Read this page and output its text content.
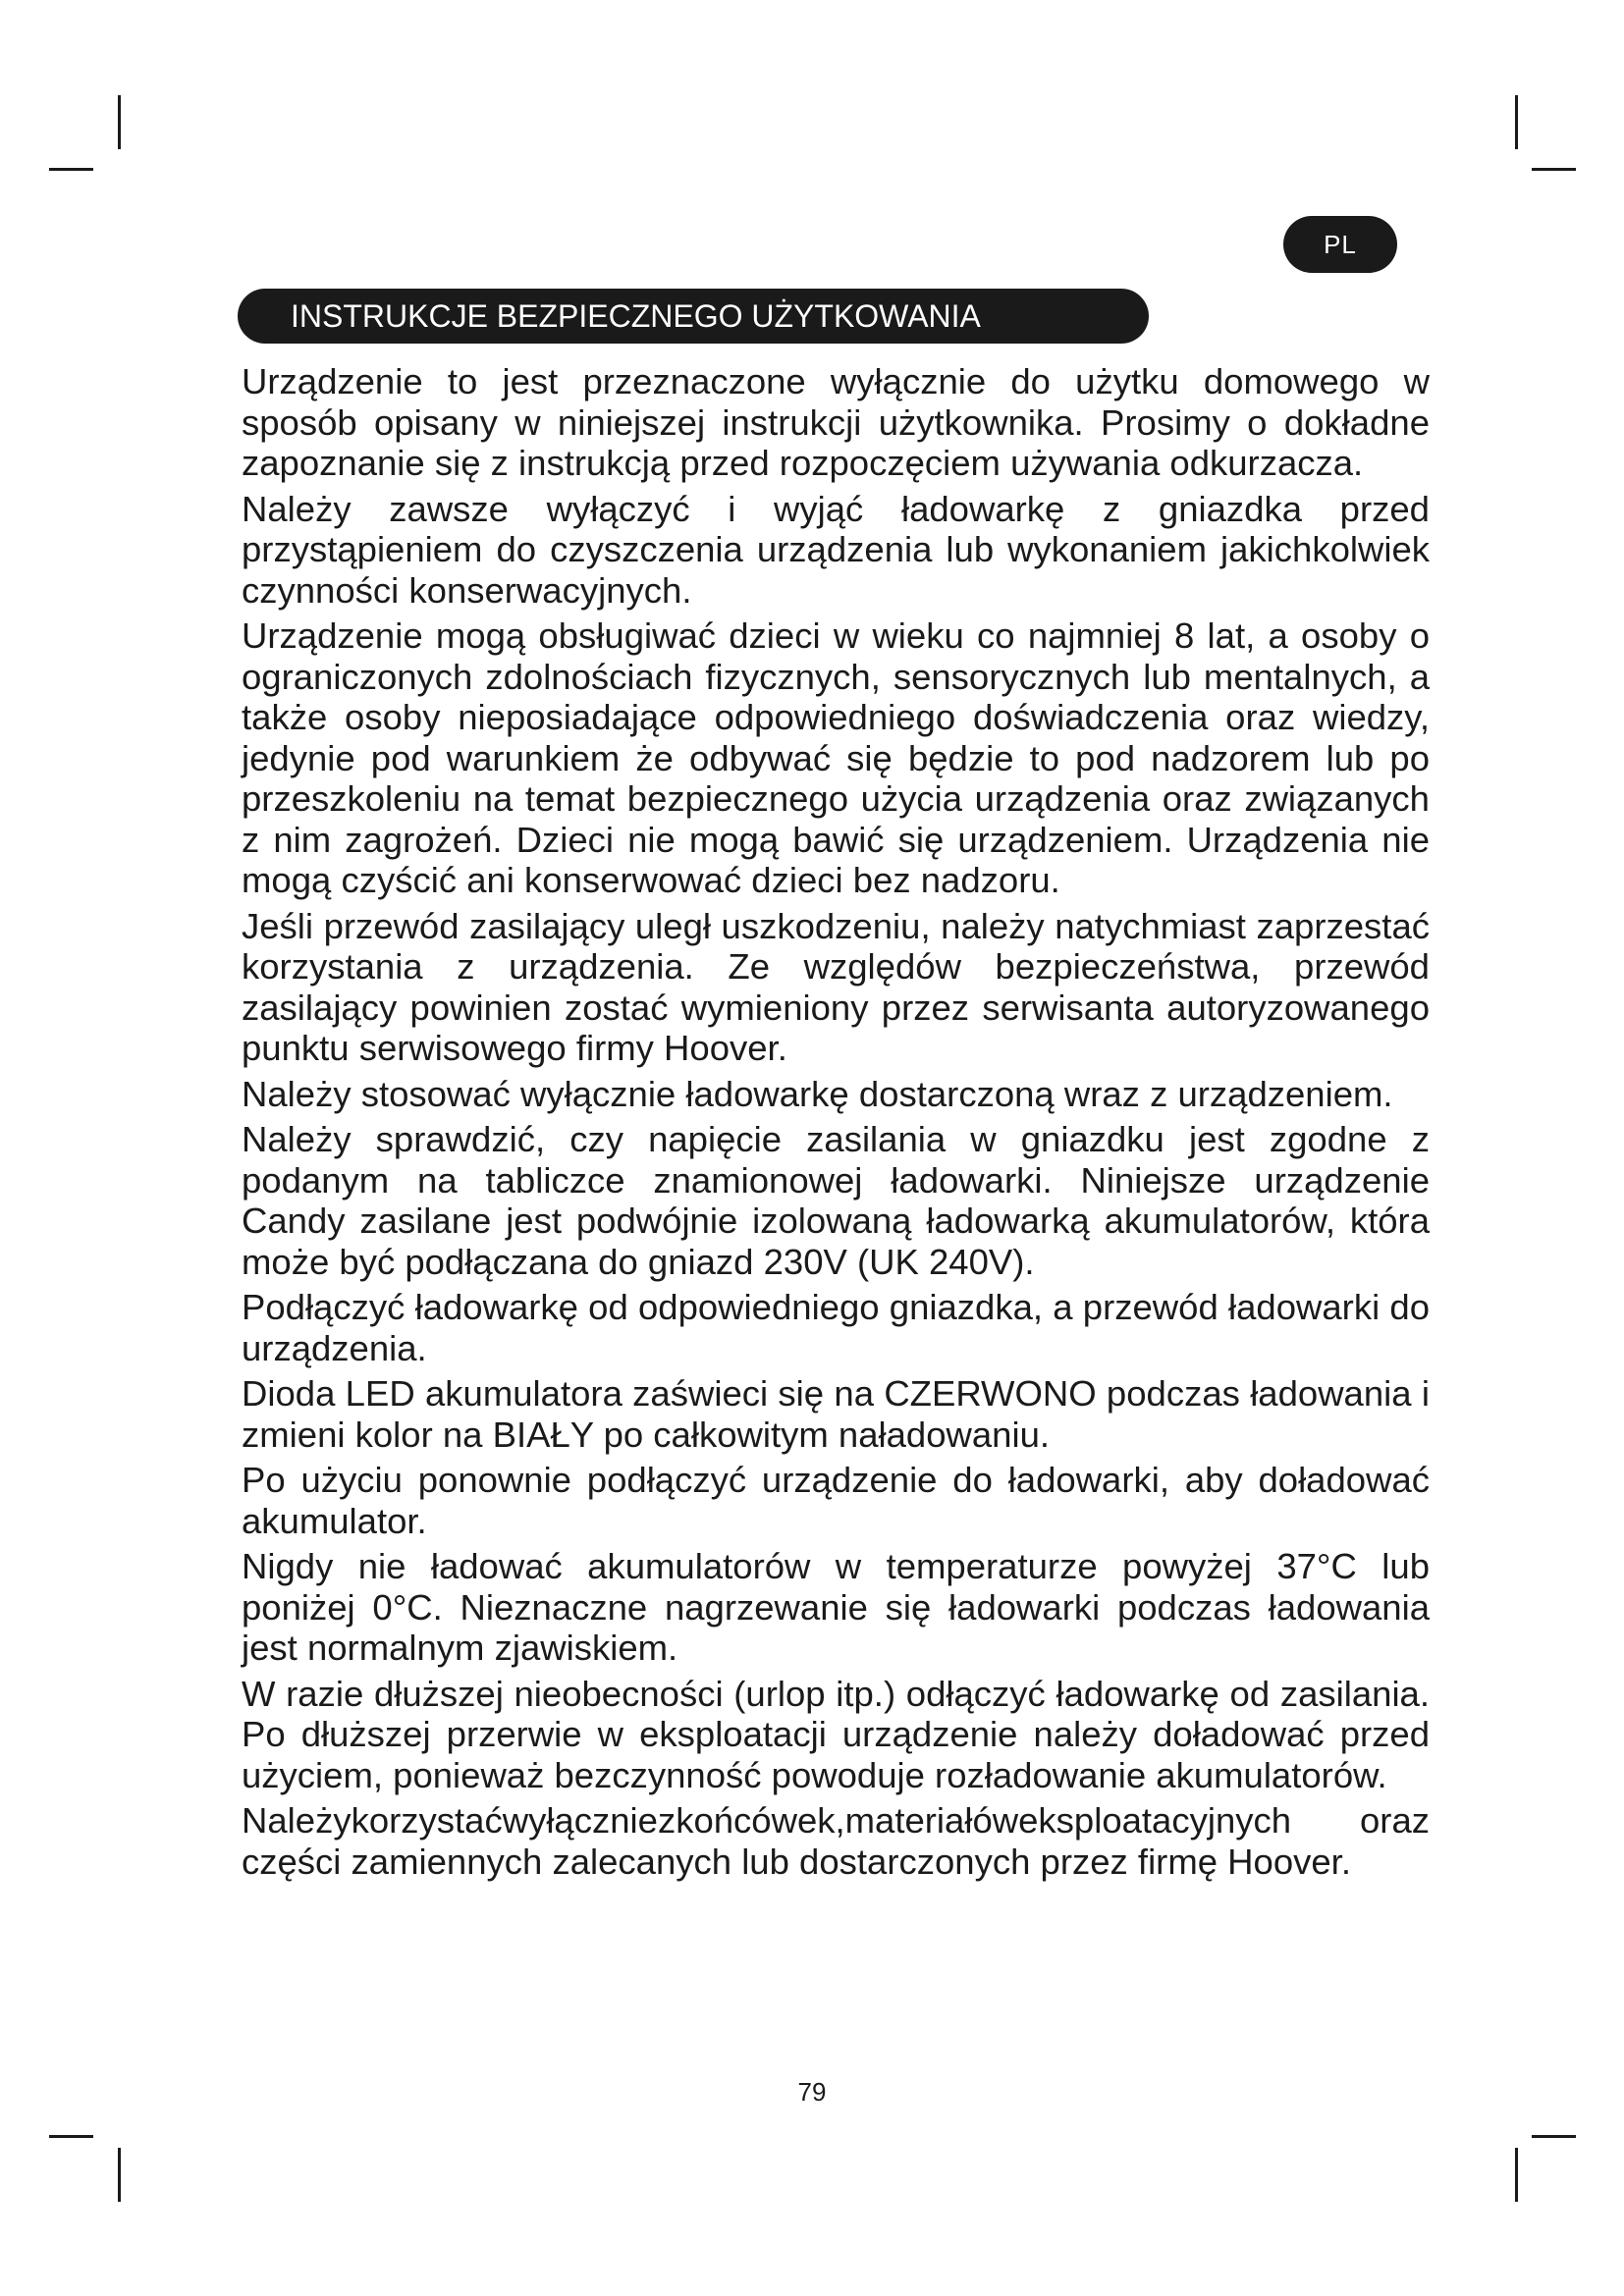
PL
INSTRUKCJE BEZPIECZNEGO UŻYTKOWANIA

Urządzenie to jest przeznaczone wyłącznie do użytku domowego w sposób opisany w niniejszej instrukcji użytkownika. Prosimy o dokładne zapoznanie się z instrukcją przed rozpoczęciem używania odkurzacza.

Należy zawsze wyłączyć i wyjąć ładowarkę z gniazdka przed przystąpieniem do czyszczenia urządzenia lub wykonaniem jakichkolwiek czynności konserwacyjnych.

Urządzenie mogą obsługiwać dzieci w wieku co najmniej 8 lat, a osoby o ograniczonych zdolnościach fizycznych, sensorycznych lub mentalnych, a także osoby nieposiadające odpowiedniego doświadczenia oraz wiedzy, jedynie pod warunkiem że odbywać się będzie to pod nadzorem lub po przeszkoleniu na temat bezpiecznego użycia urządzenia oraz związanych z nim zagrożeń. Dzieci nie mogą bawić się urządzeniem. Urządzenia nie mogą czyścić ani konserwować dzieci bez nadzoru.

Jeśli przewód zasilający uległ uszkodzeniu, należy natychmiast zaprzestać korzystania z urządzenia. Ze względów bezpieczeństwa, przewód zasilający powinien zostać wymieniony przez serwisanta autoryzowanego punktu serwisowego firmy Hoover.

Należy stosować wyłącznie ładowarkę dostarczoną wraz z urządzeniem.

Należy sprawdzić, czy napięcie zasilania w gniazdku jest zgodne z podanym na tabliczce znamionowej ładowarki. Niniejsze urządzenie Candy zasilane jest podwójnie izolowaną ładowarką akumulatorów, która może być podłączana do gniazd 230V (UK 240V).

Podłączyć ładowarkę od odpowiedniego gniazdka, a przewód ładowarki do urządzenia.

Dioda LED akumulatora zaświeci się na CZERWONO podczas ładowania i zmieni kolor na BIAŁY po całkowitym naładowaniu.

Po użyciu ponownie podłączyć urządzenie do ładowarki, aby doładować akumulator.

Nigdy nie ładować akumulatorów w temperaturze powyżej 37°C lub poniżej 0°C. Nieznaczne nagrzewanie się ładowarki podczas ładowania jest normalnym zjawiskiem.

W razie dłuższej nieobecności (urlop itp.) odłączyć ładowarkę od zasilania. Po dłuższej przerwie w eksploatacji urządzenie należy doładować przed użyciem, ponieważ bezczynność powoduje rozładowanie akumulatorów.

Należykorzystaćwyłączniezkońcówek,materiałóweksploatacyjnych oraz części zamiennych zalecanych lub dostarczonych przez firmę Hoover.

79
